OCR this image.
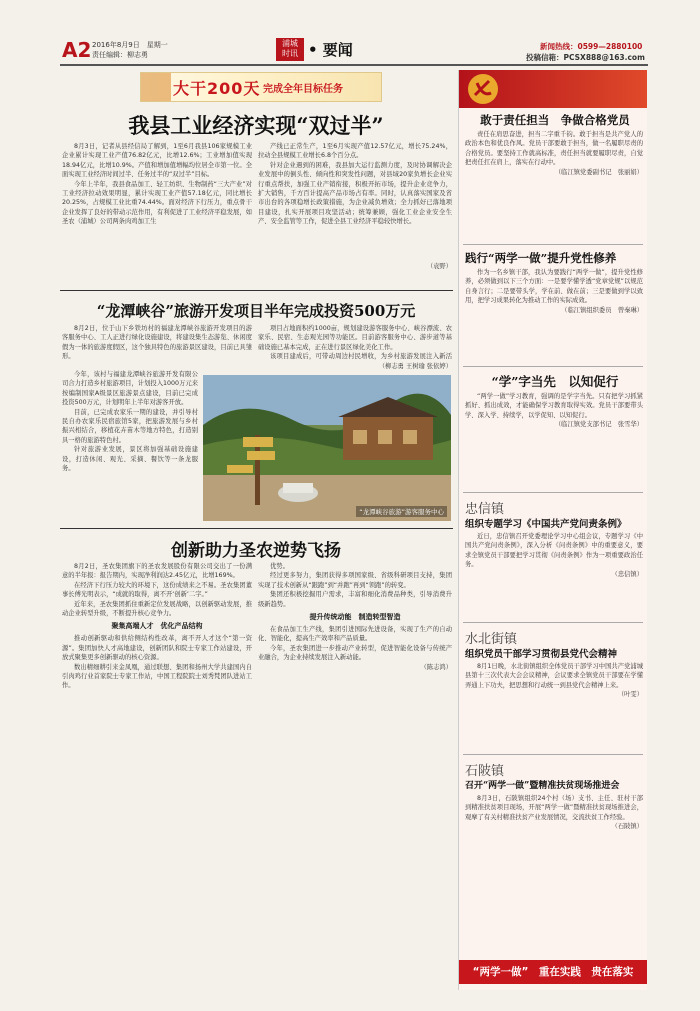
A2 2016年8月9日　星期一
责任编辑：柳志勇
浦城
时讯 • 要闻	新闻热线：0599—2880100
投稿信箱：PCSX888@163.com
大干200天 完成全年目标任务
我县工业经济实现“双过半”

8月3日，记者从县经信局了解到，1至6月我县106家规模工业企业累计实现工业产值76.82亿元，比增12.6%；工业增加值实现18.94亿元，比增10.9%。产值和增加值增幅均位居全市第一位。全面实现工业经济时间过半、任务过半的“双过半”目标。

今年上半年，我县食品加工、轻工纺织、生物制药“三大产业”对工业经济拉动效果明显，累计实现工业产值57.18亿元，同比增长20.25%，占规模工业比重74.44%。面对经济下行压力，重点骨干企业发挥了良好的带动示范作用，有利促进了工业经济平稳发展，如圣农（浦城）公司两条肉鸡加工生

产线已正常生产，1至6月实现产值12.57亿元，增长75.24%，拉动全县规模工业增长6.8个百分点。

针对企业遇到的困难，我县加大运行监测力度，及时协调解决企业发展中的倒头性、倾向性和突发性问题，对县域20家负增长企业实行重点帮扶，加强工业产销衔接，积极开拓市场，提升企业竞争力，扩大销售，千方百计提高产品市场占有率。同时，认真落实国家及省市出台的各项稳增长政策措施，为企业减负增效；全力抓好已落地项目建设，扎实开展项目攻坚活动；统筹兼顾，强化工业企业安全生产、安全监管等工作，促进全县工业经济平稳较快增长。

（袁野）
“龙潭峡谷”旅游开发项目半年完成投资500万元

8月2日，位于山下乡铁坊村的福建龙潭峡谷旅游开发项目的游客服务中心、工人正进行绿化设施建设，将建设集生态游览、休闲度假为一体的旅游度假区，这个独具特色的旅游景区建设，目前已具雏形。

今年，该村与福建龙潭峡谷旅游开发有限公司合力打造乡村旅游项目，计划投入1000万元来按编制国家A级景区旅游景点建设，目前已完成投资500万元，计划明年上半年对游客开放。

目前，已完成农家乐一期的建设，并引导村民自办农家乐民宿旅馆5家，把旅游发展与乡村振兴相结合，移植花卉苗木等地方特色，打造别具一格的旅游特色村。

针对旅游业发展，景区将加强基础设施建设，打造休闲、观光、采摘、餐饮等一条龙服务。

项目占地面积约1000亩，规划建设游客服务中心、峡谷漂流、农家乐、民宿、生态观光园等功能区。目前游客服务中心、游步道等基础设施已基本完成，正在进行景区绿化美化工作。

该项目建成后，可带动周边村民增收，为乡村旅游发展注入新活

（柳志勇 王树瑜 张依婷）
“龙潭峡谷旅游”游客服务中心
创新助力圣农逆势飞扬

8月2日，圣农集团旗下的圣农发展股份有限公司交出了一份满意的半年报：报告期内，实现净利润达2.45亿元，比增169%。

在经济下行压力较大的环境下，这份成绩来之不易。圣农集团董事长傅光明表示，“成就的取得，离不开‘创新’二字。”

近年来，圣农集团抓住重新定位发展战略，以创新驱动发展，推动企业转型升级，不断提升核心竞争力。

聚集高端人才　优化产品结构

推动创新驱动和供给侧结构性改革，离不开人才这个“第一资源”。集团加快人才高地建设，创新团队和院士专家工作站建设，开放式聚集更多创新驱动的核心资源。

数出精细耕引来金凤凰，通过联想、集团和扬州大学共建国内自引肉鸡行业首家院士专家工作站，中国工程院院士刘秀梵团队进站工作。

优势。

经过更多努力，集团获得多项国家级、省级科研项目支持，集团实现了技术创新从“跟跑”到“并跑”再到“领跑”的转变。

集团还积极挖掘用户需求，丰富和细化消费品种类，引导消费升级新趋势。

提升传统动能　制造转型智造

在食品加工生产线，集团引进国际先进设备，实现了生产的自动化、智能化，提高生产效率和产品质量。

今年，圣农集团进一步推动产业转型，促进智能化设备与传统产业融合，为企业持续发展注入新动能。

（陈志鸿）

敢于责任担当　争做合格党员

责任在肩思奋进，担当二字重千钧。敢于担当是共产党人的政治本色和优良作风。党员干部要敢于担当，做一名履职尽责的合格党员。要坚持工作就高标准，责任担当就要履职尽责，自觉把责任扛在肩上，落实在行动中。

（临江镇党委副书记　张丽娟）

践行“两学一做”提升党性修养

作为一名乡镇干部，我认为要践行“两学一做”，提升党性修养，必须做到以下三个方面：一是要学懂学透“党章党规”以规范自身言行；二是要带头学，学在前、做在前；三是要做到学以致用，把学习成果转化为推动工作的实际成效。

（临江镇组织委员　曾秦琳）

“学”字当先　以知促行

“两学一做”学习教育，强调的是学字当先。只有把学习抓紧抓好、抓出成效，才能确保学习教育取得实效。党员干部要带头学、深入学、持续学，以学促知、以知促行。

（临江镇党支部书记　张雪华）

忠信镇
组织专题学习《中国共产党问责条例》

近日，忠信镇召开党委理论学习中心组会议，专题学习《中国共产党问责条例》，深入分析《问责条例》中的重要意义，要求全镇党员干部要把学习贯彻《问责条例》作为一项重要政治任务。

（忠信镇）

水北街镇
组织党员干部学习贯彻县党代会精神

8月1日晚，水北街镇组织全体党员干部学习中国共产党浦城县第十三次代表大会会议精神，会议要求全镇党员干部要在学懂弄通上下功夫，把思想和行动统一到县党代会精神上来。

（叶雯）

石陂镇
召开“两学一做”暨精准扶贫现场推进会

8月3日，石陂镇组织24个村（场）支书、主任、驻村干部到精准扶贫项目现场，开展“两学一做”暨精准扶贫现场推进会，观摩了有关村精准扶贫产业发展情况，交流扶贫工作经验。

（石陂镇）

“两学一做”　重在实践　贵在落实
